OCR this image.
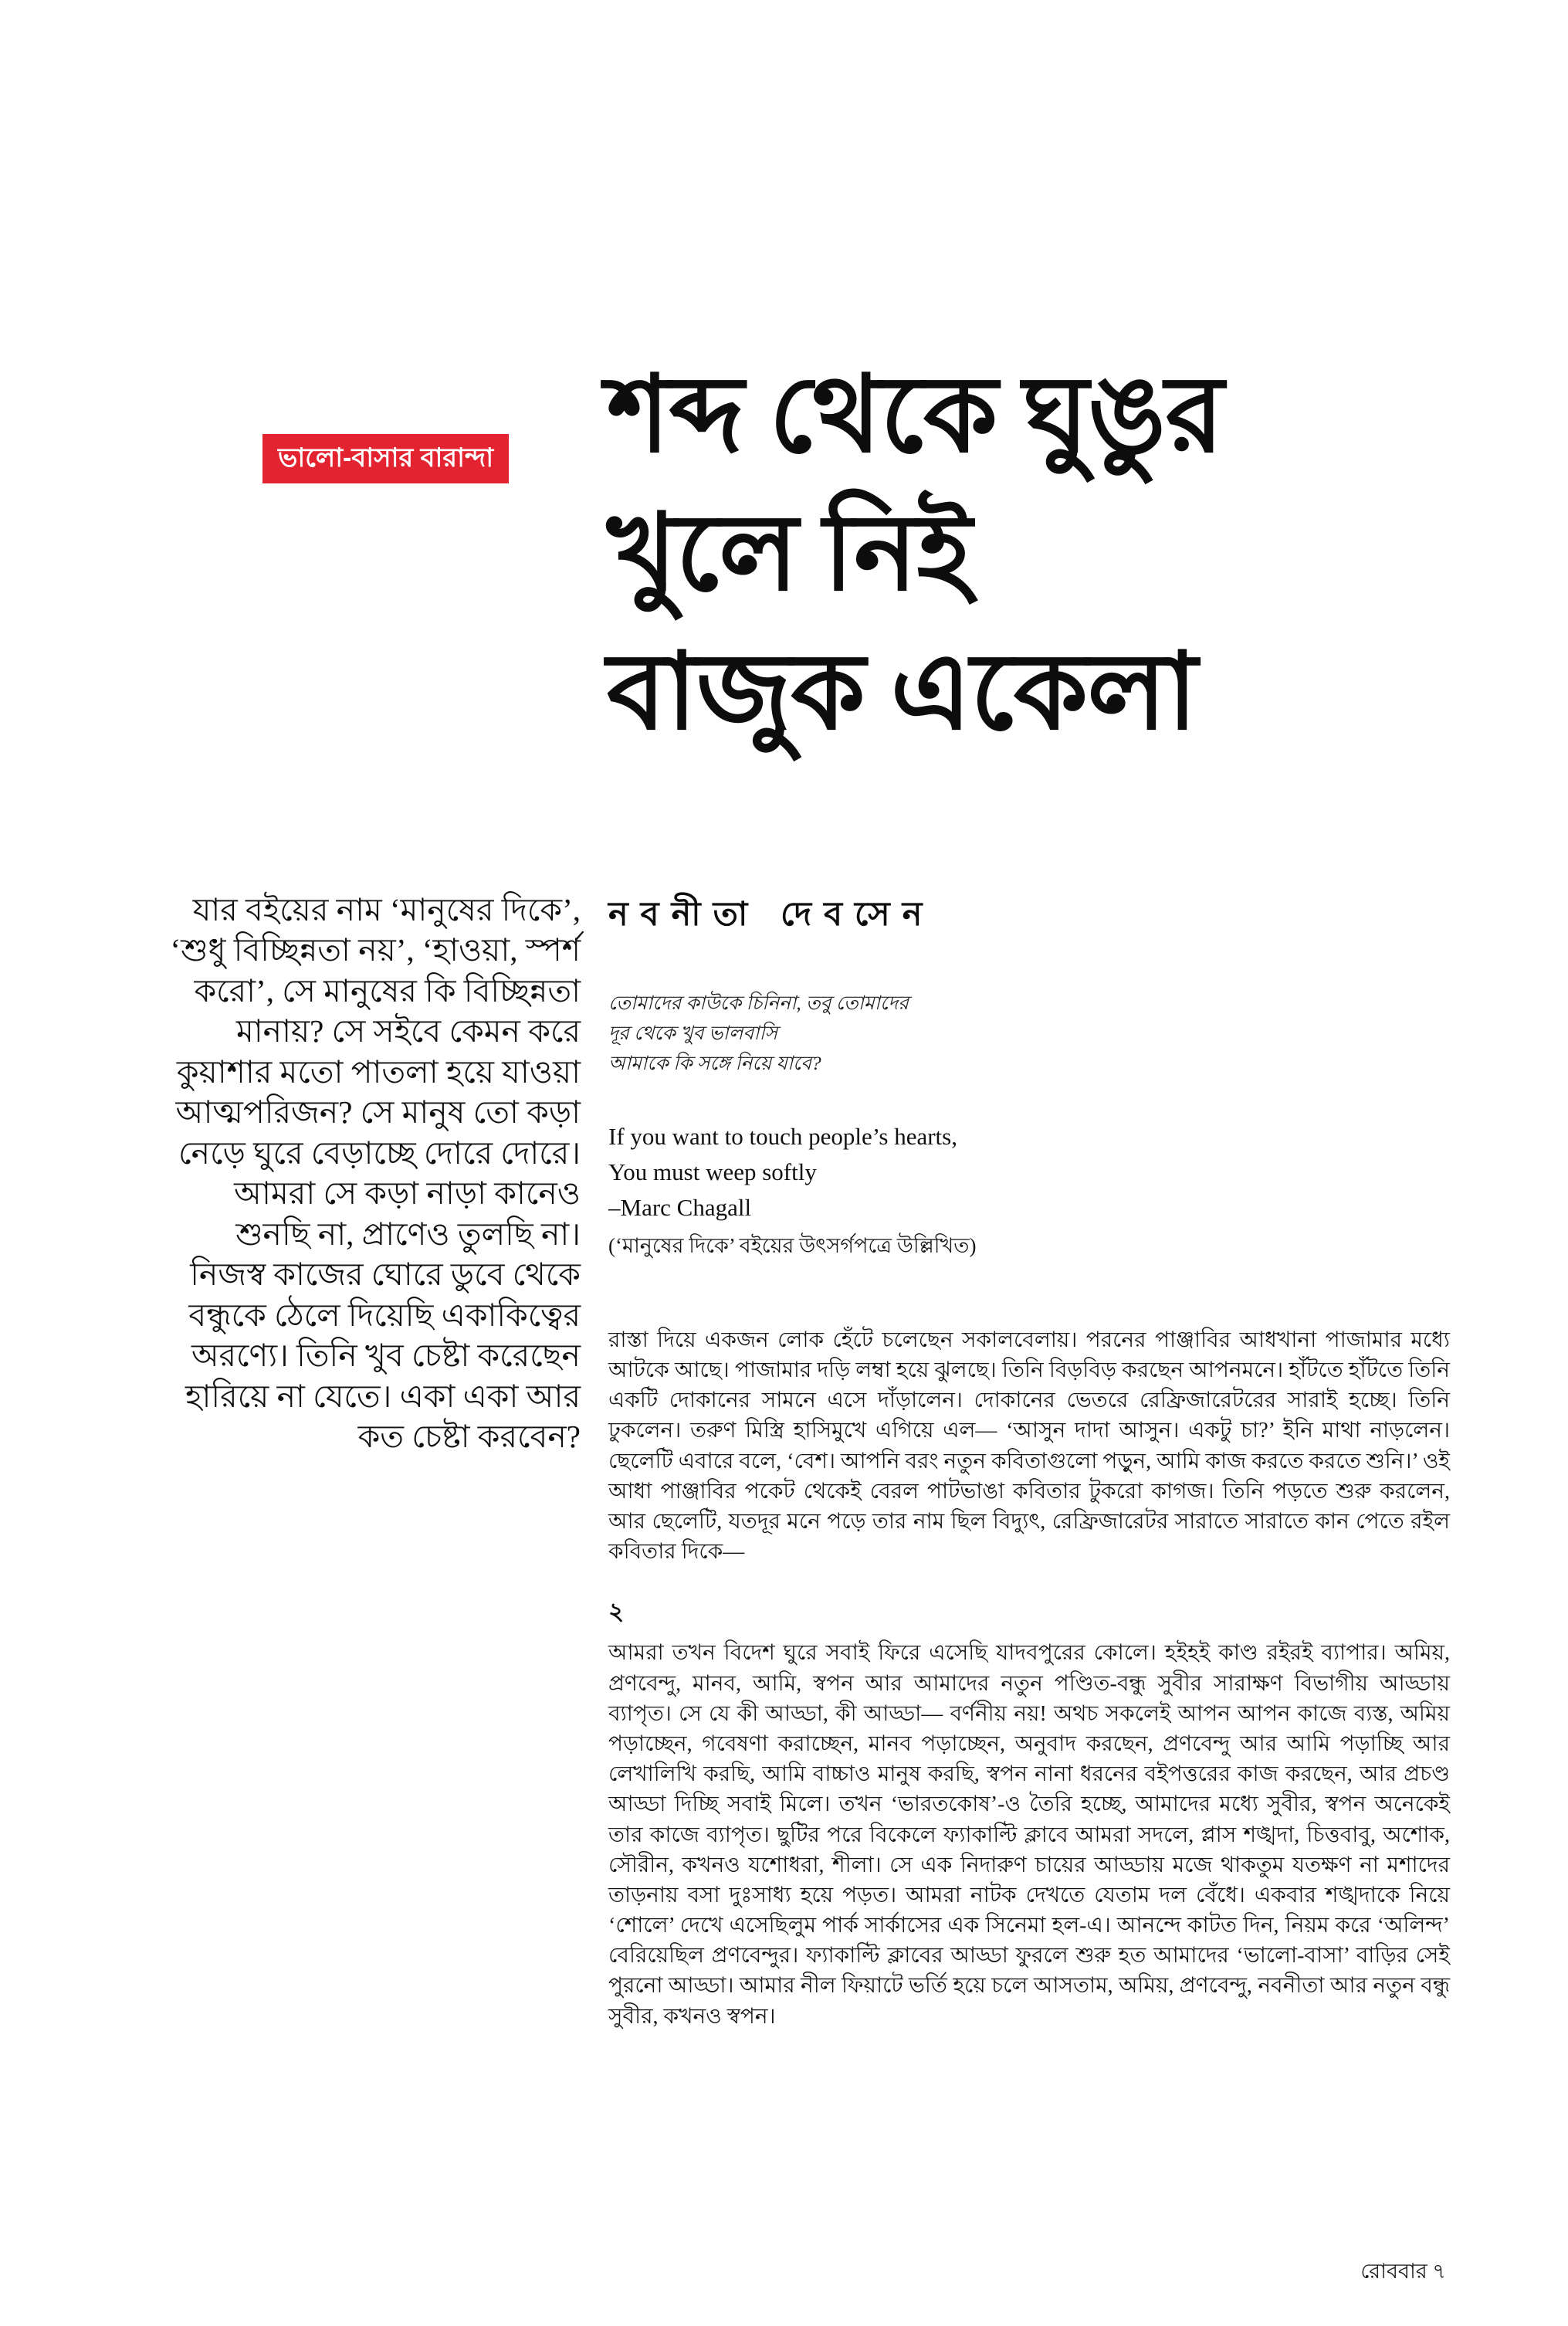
ভালো-বাসার বারান্দা শব্দ থেকে ঘুঙুর
খুলে নিই
বাজুক একেলা
যার বইয়ের নাম ‘মানুষের দিকে’, ‘শুধু বিচ্ছিন্নতা নয়’, ‘হাওয়া, স্পর্শ করো’, সে মানুষের কি বিচ্ছিন্নতা মানায়? সে সইবে কেমন করে কুয়াশার মতো পাতলা হয়ে যাওয়া আত্মপরিজন? সে মানুষ তো কড়া নেড়ে ঘুরে বেড়াচ্ছে দোরে দোরে। আমরা সে কড়া নাড়া কানেও শুনছি না, প্রাণেও তুলছি না। নিজস্ব কাজের ঘোরে ডুবে থেকে বন্ধুকে ঠেলে দিয়েছি একাকিত্বের অরণ্যে। তিনি খুব চেষ্টা করেছেন হারিয়ে না যেতে। একা একা আর কত চেষ্টা করবেন?
নবনীতা দেবসেন
তোমাদের কাউকে চিনিনা, তবু তোমাদের
দূর থেকে খুব ভালবাসি
আমাকে কি সঙ্গে নিয়ে যাবে?
If you want to touch people’s hearts,
You must weep softly
–Marc Chagall
(‘মানুষের দিকে’ বইয়ের উৎসর্গপত্রে উল্লিখিত)

রাস্তা দিয়ে একজন লোক হেঁটে চলেছেন সকালবেলায়। পরনের পাঞ্জাবির আধখানা পাজামার মধ্যে আটকে আছে। পাজামার দড়ি লম্বা হয়ে ঝুলছে। তিনি বিড়বিড় করছেন আপনমনে। হাঁটতে হাঁটতে তিনি একটি দোকানের সামনে এসে দাঁড়ালেন। দোকানের ভেতরে রেফ্রিজারেটরের সারাই হচ্ছে। তিনি ঢুকলেন। তরুণ মিস্ত্রি হাসিমুখে এগিয়ে এল— ‘আসুন দাদা আসুন। একটু চা?’ ইনি মাথা নাড়লেন। ছেলেটি এবারে বলে, ‘বেশ। আপনি বরং নতুন কবিতাগুলো পড়ুন, আমি কাজ করতে করতে শুনি।’ ওই আধা পাঞ্জাবির পকেট থেকেই বেরল পাটভাঙা কবিতার টুকরো কাগজ। তিনি পড়তে শুরু করলেন, আর ছেলেটি, যতদূর মনে পড়ে তার নাম ছিল বিদ্যুৎ, রেফ্রিজারেটর সারাতে সারাতে কান পেতে রইল কবিতার দিকে—

২

আমরা তখন বিদেশ ঘুরে সবাই ফিরে এসেছি যাদবপুরের কোলে। হইহই কাণ্ড রইরই ব্যাপার। অমিয়, প্রণবেন্দু, মানব, আমি, স্বপন আর আমাদের নতুন পণ্ডিত-বন্ধু সুবীর সারাক্ষণ বিভাগীয় আড্ডায় ব্যাপৃত। সে যে কী আড্ডা, কী আড্ডা— বর্ণনীয় নয়! অথচ সকলেই আপন আপন কাজে ব্যস্ত, অমিয় পড়াচ্ছেন, গবেষণা করাচ্ছেন, মানব পড়াচ্ছেন, অনুবাদ করছেন, প্রণবেন্দু আর আমি পড়াচ্ছি আর লেখালিখি করছি, আমি বাচ্চাও মানুষ করছি, স্বপন নানা ধরনের বইপত্তরের কাজ করছেন, আর প্রচণ্ড আড্ডা দিচ্ছি সবাই মিলে। তখন ‘ভারতকোষ’-ও তৈরি হচ্ছে, আমাদের মধ্যে সুবীর, স্বপন অনেকেই তার কাজে ব্যাপৃত। ছুটির পরে বিকেলে ফ্যাকাল্টি ক্লাবে আমরা সদলে, প্লাস শঙ্খদা, চিত্তবাবু, অশোক, সৌরীন, কখনও যশোধরা, শীলা। সে এক নিদারুণ চায়ের আড্ডায় মজে থাকতুম যতক্ষণ না মশাদের তাড়নায় বসা দুঃসাধ্য হয়ে পড়ত। আমরা নাটক দেখতে যেতাম দল বেঁধে। একবার শঙ্খদাকে নিয়ে ‘শোলে’ দেখে এসেছিলুম পার্ক সার্কাসের এক সিনেমা হল-এ। আনন্দে কাটত দিন, নিয়ম করে ‘অলিন্দ’ বেরিয়েছিল প্রণবেন্দুর। ফ্যাকাল্টি ক্লাবের আড্ডা ফুরলে শুরু হত আমাদের ‘ভালো-বাসা’ বাড়ির সেই পুরনো আড্ডা। আমার নীল ফিয়াটে ভর্তি হয়ে চলে আসতাম, অমিয়, প্রণবেন্দু, নবনীতা আর নতুন বন্ধু সুবীর, কখনও স্বপন।

রোববার ৭
